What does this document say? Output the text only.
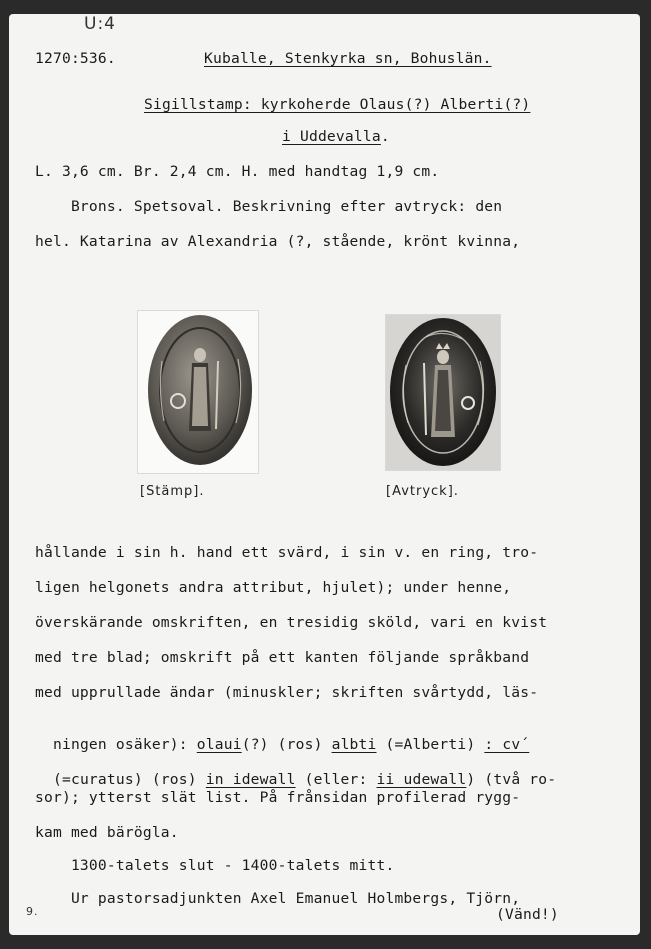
U:4
9.
1270:536.	Kuballe, Stenkyrka sn, Bohuslän.
Sigillstamp: kyrkoherde Olaus(?) Alberti(?)
i Uddevalla.
L. 3,6 cm. Br. 2,4 cm. H. med handtag 1,9 cm.
Brons. Spetsoval. Beskrivning efter avtryck: den
hel. Katarina av Alexandria (?, stående, krönt kvinna,
[Stämp].	[Avtryck].
hållande i sin h. hand ett svärd, i sin v. en ring, tro-
ligen helgonets andra attribut, hjulet); under henne,
överskärande omskriften, en tresidig sköld, vari en kvist
med tre blad; omskrift på ett kanten följande språkband
med upprullade ändar (minuskler; skriften svårtydd, läs-

ningen osäker): olaui(?) (ros) albti (=Alberti) : cv´

(=curatus) (ros) in idewall (eller: ii udewall) (två ro-

sor); ytterst slät list. På frånsidan profilerad rygg-
kam med bärögla.
1300-talets slut - 1400-talets mitt.
Ur pastorsadjunkten Axel Emanuel Holmbergs, Tjörn,
(Vänd!)
